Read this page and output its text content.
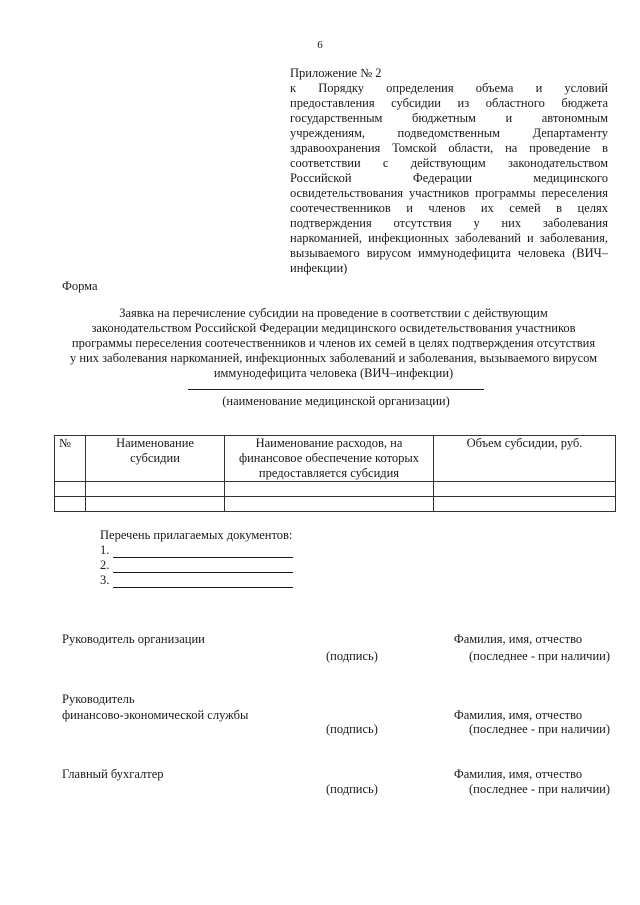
6
Приложение № 2
к Порядку определения объема и условий
предоставления субсидии из областного бюджета
государственным бюджетным и автономным
учреждениям, подведомственным Департаменту
здравоохранения Томской области, на проведение в
соответствии с действующим законодательством
Российской Федерации медицинского
освидетельствования участников программы переселения
соотечественников и членов их семей в целях
подтверждения отсутствия у них заболевания
наркоманией, инфекционных заболеваний и заболевания,
вызываемого вирусом иммунодефицита человека (ВИЧ–
инфекции)
Форма
Заявка на перечисление субсидии на проведение в соответствии с действующим
законодательством Российской Федерации медицинского освидетельствования участников
программы переселения соотечественников и членов их семей в целях подтверждения отсутствия
у них заболевания наркоманией, инфекционных заболеваний и заболевания, вызываемого вирусом
иммунодефицита человека (ВИЧ–инфекции)
(наименование медицинской организации)
№	Наименование субсидии	Наименование расходов, на финансовое обеспечение которых предоставляется субсидия	Объем субсидии, руб.

Перечень прилагаемых документов:
1.
2.
3.
Руководитель организации	Фамилия, имя, отчество
(подпись)	(последнее - при наличии)
Руководитель
финансово-экономической службы	Фамилия, имя, отчество
(подпись)	(последнее - при наличии)
Главный бухгалтер	Фамилия, имя, отчество
(подпись)	(последнее - при наличии)
